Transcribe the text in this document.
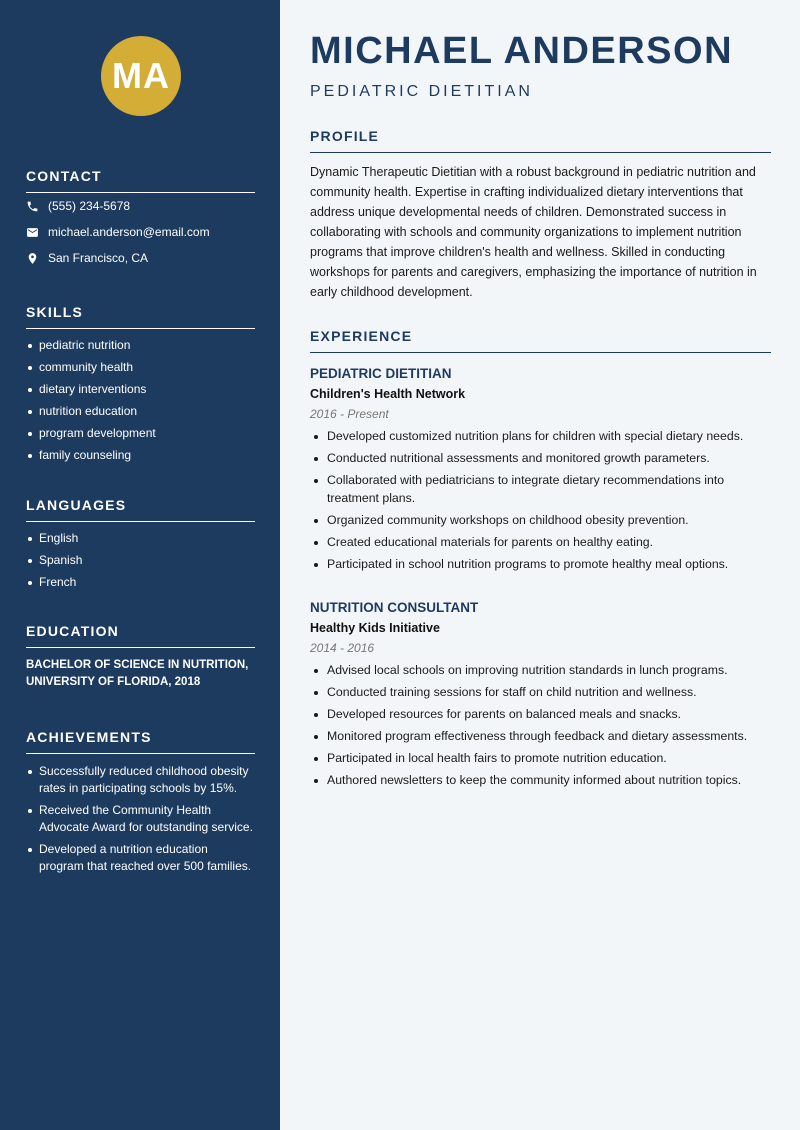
MA
CONTACT
(555) 234-5678
michael.anderson@email.com
San Francisco, CA
SKILLS
pediatric nutrition
community health
dietary interventions
nutrition education
program development
family counseling
LANGUAGES
English
Spanish
French
EDUCATION
BACHELOR OF SCIENCE IN NUTRITION, UNIVERSITY OF FLORIDA, 2018
ACHIEVEMENTS
Successfully reduced childhood obesity rates in participating schools by 15%.
Received the Community Health Advocate Award for outstanding service.
Developed a nutrition education program that reached over 500 families.
MICHAEL ANDERSON
PEDIATRIC DIETITIAN
PROFILE
Dynamic Therapeutic Dietitian with a robust background in pediatric nutrition and community health. Expertise in crafting individualized dietary interventions that address unique developmental needs of children. Demonstrated success in collaborating with schools and community organizations to implement nutrition programs that improve children's health and wellness. Skilled in conducting workshops for parents and caregivers, emphasizing the importance of nutrition in early childhood development.
EXPERIENCE
PEDIATRIC DIETITIAN
Children's Health Network
2016 - Present
Developed customized nutrition plans for children with special dietary needs.
Conducted nutritional assessments and monitored growth parameters.
Collaborated with pediatricians to integrate dietary recommendations into treatment plans.
Organized community workshops on childhood obesity prevention.
Created educational materials for parents on healthy eating.
Participated in school nutrition programs to promote healthy meal options.
NUTRITION CONSULTANT
Healthy Kids Initiative
2014 - 2016
Advised local schools on improving nutrition standards in lunch programs.
Conducted training sessions for staff on child nutrition and wellness.
Developed resources for parents on balanced meals and snacks.
Monitored program effectiveness through feedback and dietary assessments.
Participated in local health fairs to promote nutrition education.
Authored newsletters to keep the community informed about nutrition topics.
